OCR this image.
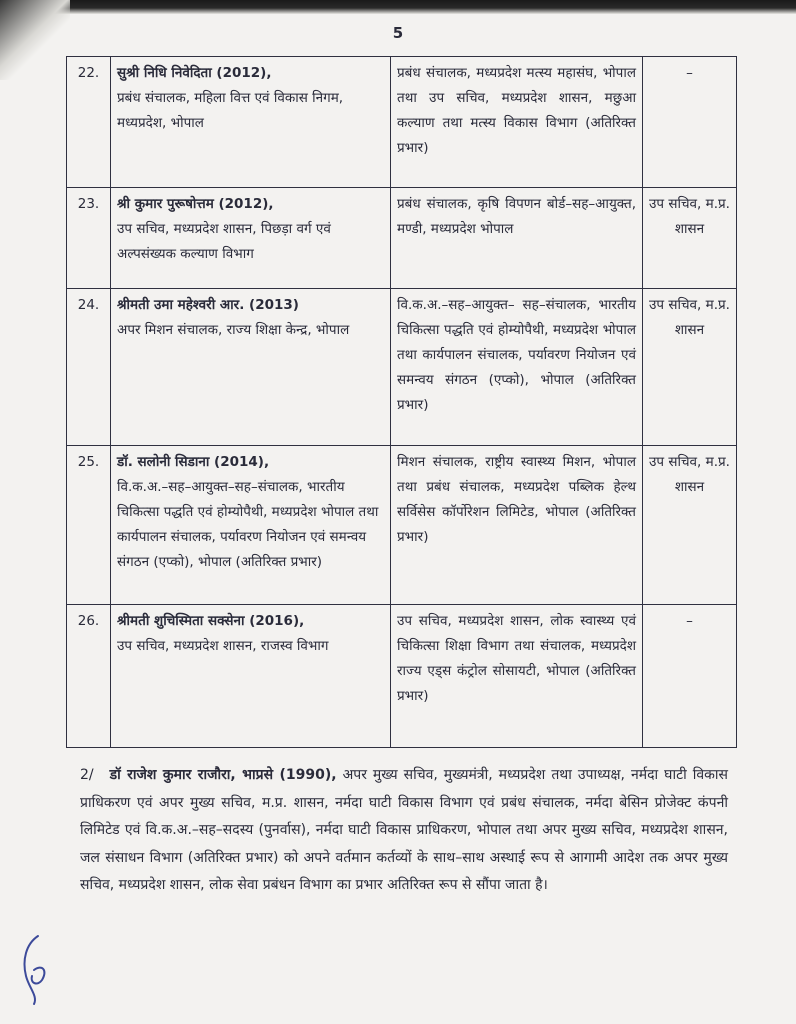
5
22.	सुश्री निधि निवेदिता (2012),
प्रबंध संचालक, महिला वित्त एवं विकास निगम, मध्यप्रदेश, भोपाल	प्रबंध संचालक, मध्यप्रदेश मत्स्य महासंघ, भोपाल तथा उप सचिव, मध्यप्रदेश शासन, मछुआ कल्याण तथा मत्स्य विकास विभाग (अतिरिक्त प्रभार)	–
23.	श्री कुमार पुरूषोत्तम (2012),
उप सचिव, मध्यप्रदेश शासन, पिछड़ा वर्ग एवं अल्पसंख्यक कल्याण विभाग	प्रबंध संचालक, कृषि विपणन बोर्ड–सह–आयुक्त, मण्डी, मध्यप्रदेश भोपाल	उप सचिव, म.प्र. शासन
24.	श्रीमती उमा महेश्वरी आर. (2013)
अपर मिशन संचालक, राज्य शिक्षा केन्द्र, भोपाल	वि.क.अ.–सह–आयुक्त– सह–संचालक, भारतीय चिकित्सा पद्धति एवं होम्योपैथी, मध्यप्रदेश भोपाल तथा कार्यपालन संचालक, पर्यावरण नियोजन एवं समन्वय संगठन (एप्को), भोपाल (अतिरिक्त प्रभार)	उप सचिव, म.प्र. शासन
25.	डॉ. सलोनी सिडाना (2014),
वि.क.अ.–सह–आयुक्त–सह–संचालक, भारतीय चिकित्सा पद्धति एवं होम्योपैथी, मध्यप्रदेश भोपाल तथा कार्यपालन संचालक, पर्यावरण नियोजन एवं समन्वय संगठन (एप्को), भोपाल (अतिरिक्त प्रभार)	मिशन संचालक, राष्ट्रीय स्वास्थ्य मिशन, भोपाल तथा प्रबंध संचालक, मध्यप्रदेश पब्लिक हेल्थ सर्विसेस कॉर्पोरेशन लिमिटेड, भोपाल (अतिरिक्त प्रभार)	उप सचिव, म.प्र. शासन
26.	श्रीमती शुचिस्मिता सक्सेना (2016),
उप सचिव, मध्यप्रदेश शासन, राजस्व विभाग	उप सचिव, मध्यप्रदेश शासन, लोक स्वास्थ्य एवं चिकित्सा शिक्षा विभाग तथा संचालक, मध्यप्रदेश राज्य एड्स कंट्रोल सोसायटी, भोपाल (अतिरिक्त प्रभार)	–
2/ डॉ राजेश कुमार राजौरा, भाप्रसे (1990), अपर मुख्य सचिव, मुख्यमंत्री, मध्यप्रदेश तथा उपाध्यक्ष, नर्मदा घाटी विकास प्राधिकरण एवं अपर मुख्य सचिव, म.प्र. शासन, नर्मदा घाटी विकास विभाग एवं प्रबंध संचालक, नर्मदा बेसिन प्रोजेक्ट कंपनी लिमिटेड एवं वि.क.अ.–सह–सदस्य (पुनर्वास), नर्मदा घाटी विकास प्राधिकरण, भोपाल तथा अपर मुख्य सचिव, मध्यप्रदेश शासन, जल संसाधन विभाग (अतिरिक्त प्रभार) को अपने वर्तमान कर्तव्यों के साथ–साथ अस्थाई रूप से आगामी आदेश तक अपर मुख्य सचिव, मध्यप्रदेश शासन, लोक सेवा प्रबंधन विभाग का प्रभार अतिरिक्त रूप से सौंपा जाता है।
